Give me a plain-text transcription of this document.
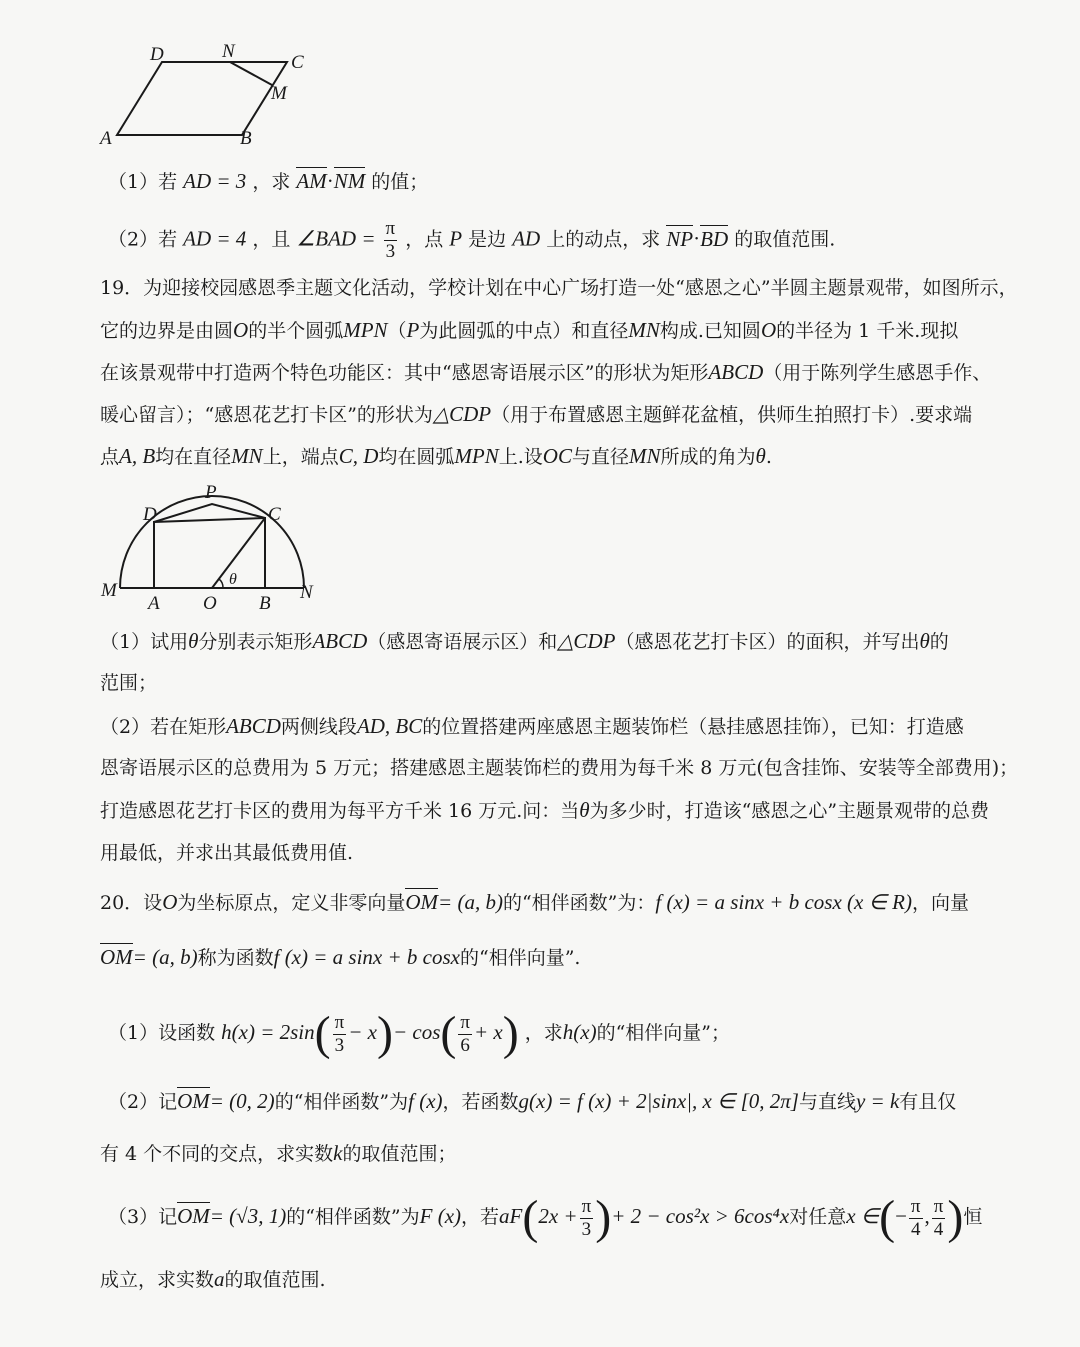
D	N
C
M
A	B
（1）若 AD = 3 ，求 AM·NM 的值；
（2）若 AD = 4 ，且 ∠BAD = $\frac{\pi}{3}$ ，点 P 是边 AD 上的动点，求 NP·BD 的取值范围.
19．为迎接校园感恩季主题文化活动，学校计划在中心广场打造一处“感恩之心”半圆主题景观带，如图所示，
它的边界是由圆O的半个圆弧MPN（P为此圆弧的中点）和直径MN构成.已知圆O的半径为 1 千米.现拟
在该景观带中打造两个特色功能区：其中“感恩寄语展示区”的形状为矩形ABCD（用于陈列学生感恩手作、
暖心留言）；“感恩花艺打卡区”的形状为△CDP（用于布置感恩主题鲜花盆植，供师生拍照打卡）.要求端
点A, B均在直径MN上，端点C, D均在圆弧MPN上.设OC与直径MN所成的角为θ.
D
P
C
M
A O
θ
B
N
（1）试用θ分别表示矩形ABCD（感恩寄语展示区）和△CDP（感恩花艺打卡区）的面积，并写出θ的
范围；
（2）若在矩形ABCD两侧线段AD, BC的位置搭建两座感恩主题装饰栏（悬挂感恩挂饰），已知：打造感
恩寄语展示区的总费用为 5 万元；搭建感恩主题装饰栏的费用为每千米 8 万元(包含挂饰、安装等全部费用)；
打造感恩花艺打卡区的费用为每平方千米 16 万元.问：当θ为多少时，打造该“感恩之心”主题景观带的总费
用最低，并求出其最低费用值.
20．设O为坐标原点，定义非零向量OM= (a, b)的“相伴函数”为：f (x) = a sinx + b cosx (x ∈ R)，向量
OM= (a, b)称为函数f (x) = a sinx + b cosx的“相伴向量”.
（1）设函数 $h(x) = 2\sin( \frac{\pi}{3} - x)- \cos( \frac{\pi}{6} + x)$ ，求h(x)的“相伴向量”；
（2）记OM= (0, 2)的“相伴函数”为f (x)，若函数g(x) = f (x) + 2|sinx|, x ∈ [0, 2π]与直线y = k有且仅
有 4 个不同的交点，求实数k的取值范围；
（3）记OM= (√3, 1)的“相伴函数”为F (x)，若$aF(2x + \frac{\pi}{3}$ )+ 2 − cos²x > 6cos⁴x对任意x ∈(− $\frac{\pi}{4}$ , $\frac{\pi}{4}$ )恒
成立，求实数a的取值范围.
